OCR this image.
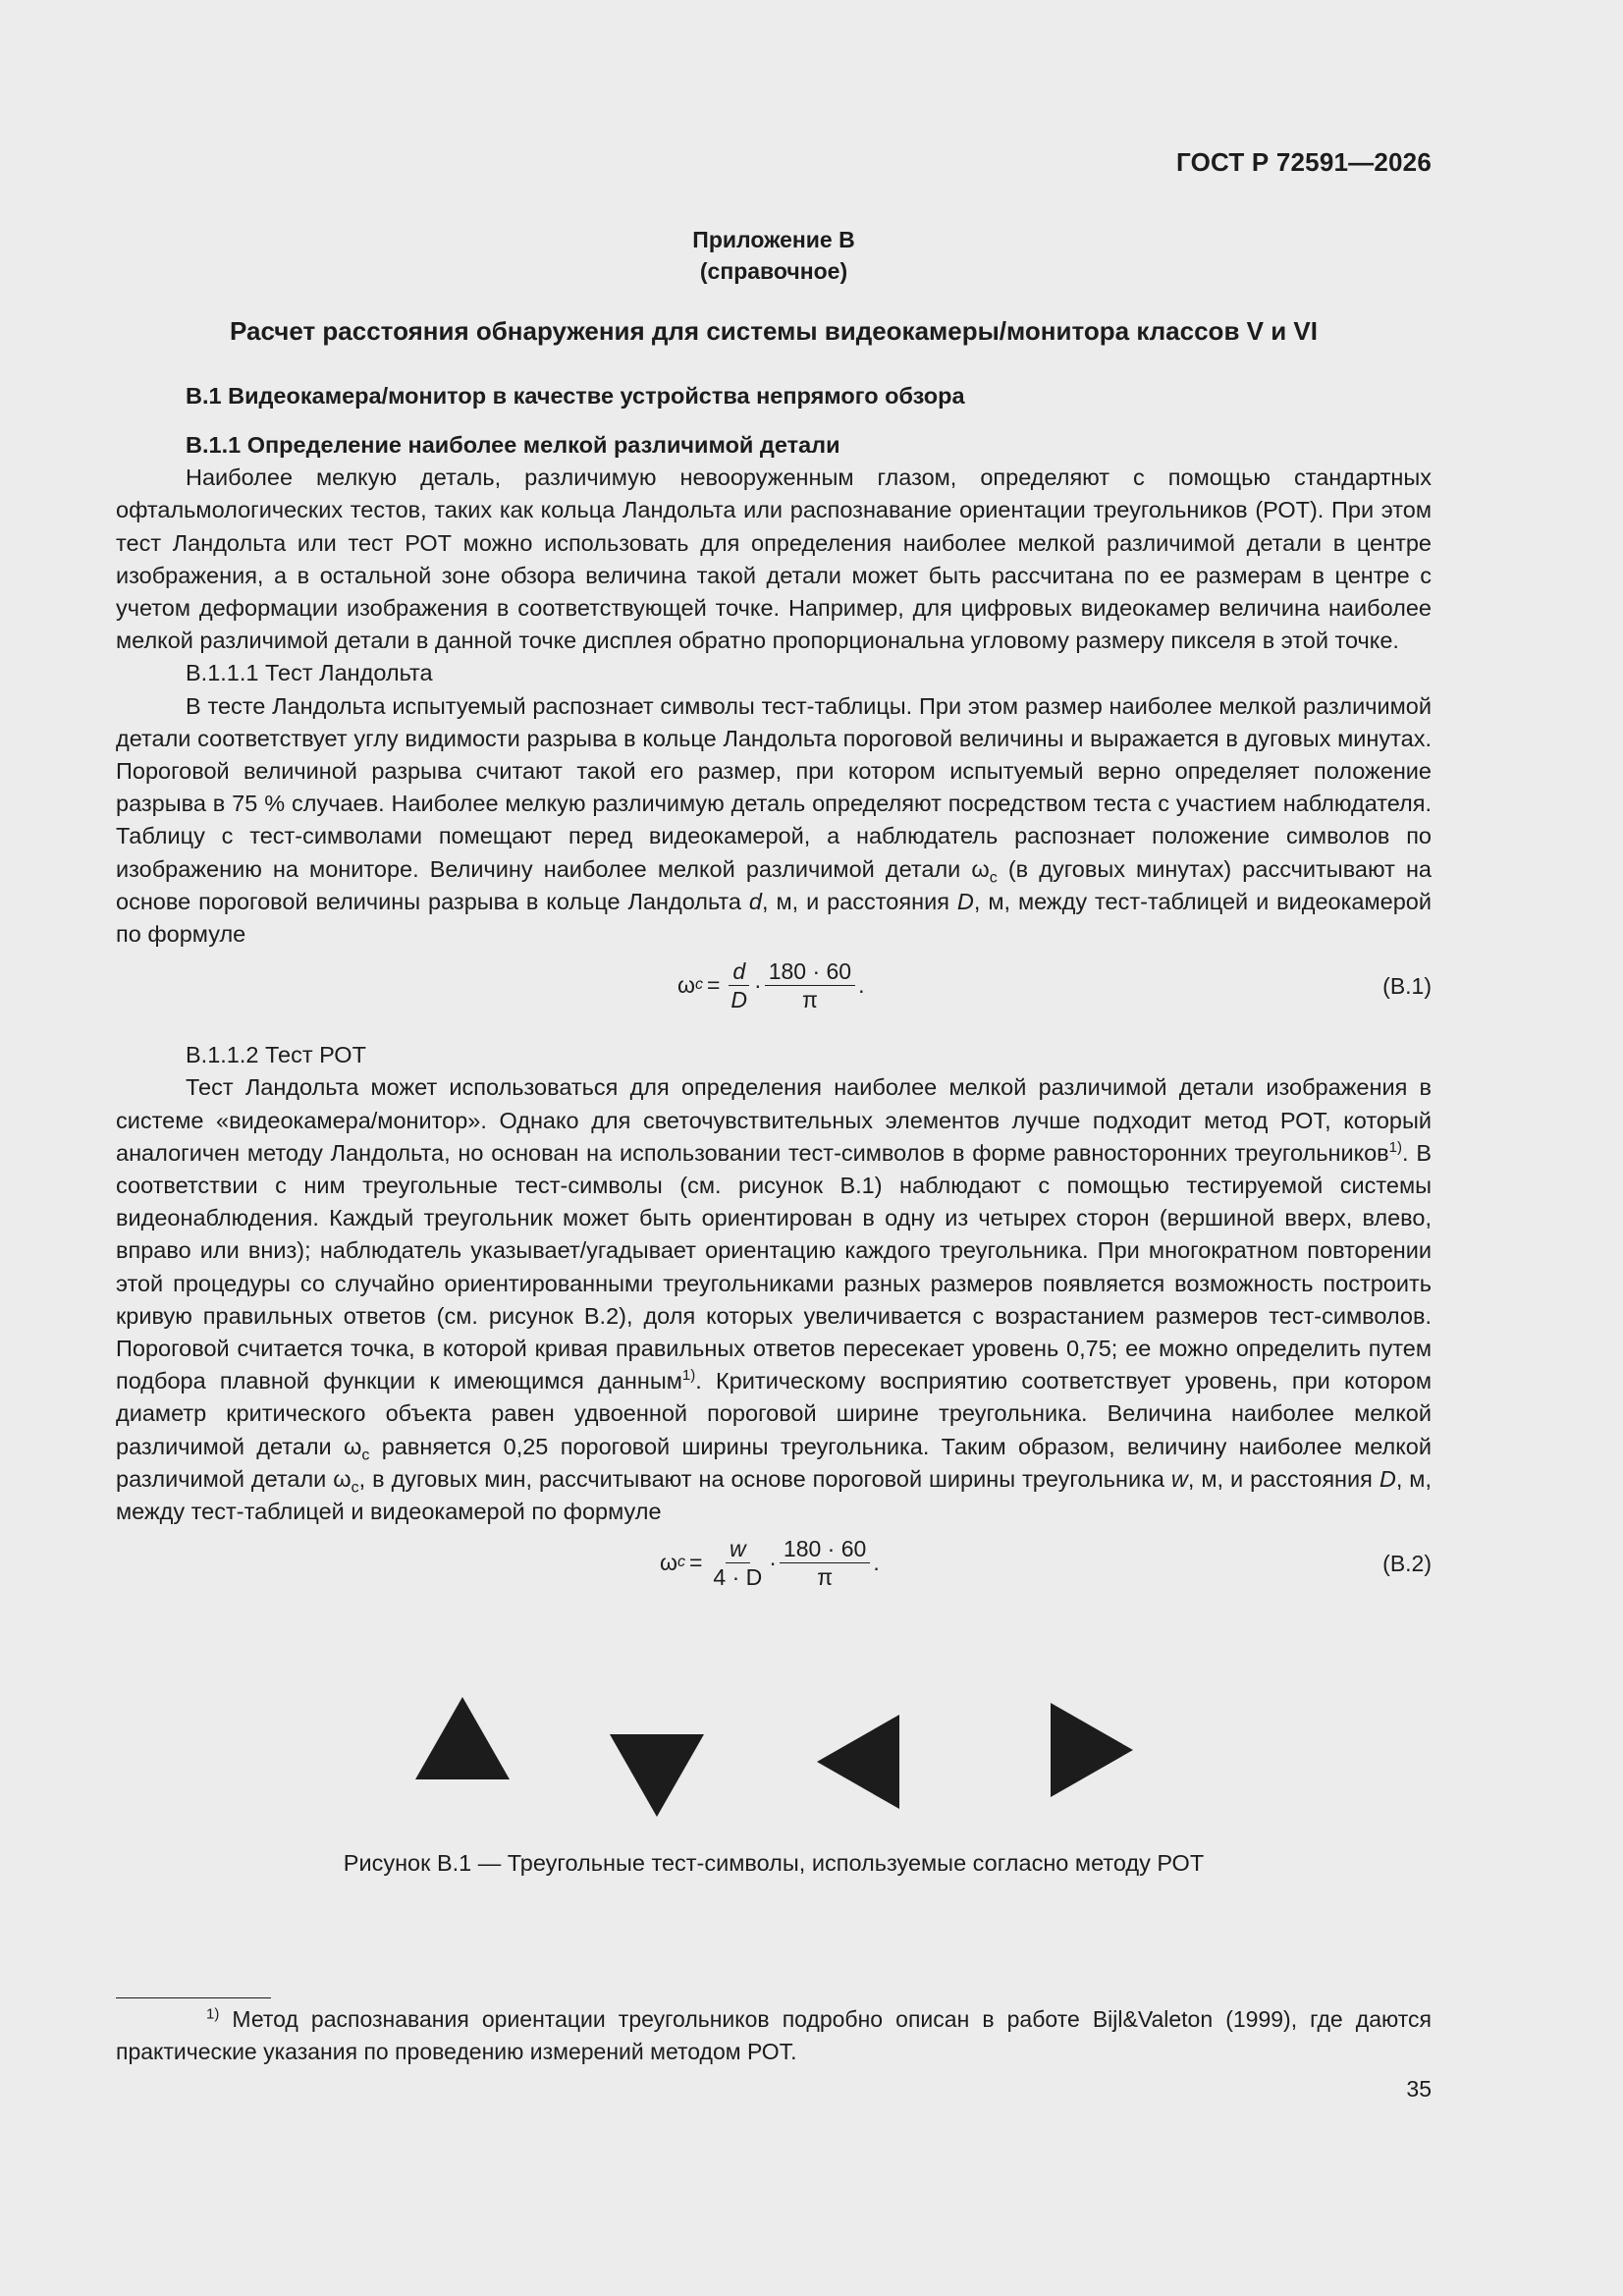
ГОСТ Р 72591—2026
Приложение В
(справочное)
Расчет расстояния обнаружения для системы видеокамеры/монитора классов V и VI
В.1 Видеокамера/монитор в качестве устройства непрямого обзора
В.1.1 Определение наиболее мелкой различимой детали

Наиболее мелкую деталь, различимую невооруженным глазом, определяют с помощью стандартных офтальмологических тестов, таких как кольца Ландольта или распознавание ориентации треугольников (РОТ). При этом тест Ландольта или тест РОТ можно использовать для определения наиболее мелкой различимой детали в центре изображения, а в остальной зоне обзора величина такой детали может быть рассчитана по ее размерам в центре с учетом деформации изображения в соответствующей точке. Например, для цифровых видеокамер величина наиболее мелкой различимой детали в данной точке дисплея обратно пропорциональна угловому размеру пикселя в этой точке.

В.1.1.1 Тест Ландольта

В тесте Ландольта испытуемый распознает символы тест-таблицы. При этом размер наиболее мелкой различимой детали соответствует углу видимости разрыва в кольце Ландольта пороговой величины и выражается в дуговых минутах. Пороговой величиной разрыва считают такой его размер, при котором испытуемый верно определяет положение разрыва в 75 % случаев. Наиболее мелкую различимую деталь определяют посредством теста с участием наблюдателя. Таблицу с тест-символами помещают перед видеокамерой, а наблюдатель распознает положение символов по изображению на мониторе. Величину наиболее мелкой различимой детали $\omega_c$ (в дуговых минутах) рассчитывают на основе пороговой величины разрыва в кольце Ландольта d, м, и расстояния D, м, между тест-таблицей и видеокамерой по формуле

ω $c = \frac{d}{D} \cdot \frac{180 \cdot 60}{\pi}$ .	(В.1)
В.1.1.2 Тест РОТ

Тест Ландольта может использоваться для определения наиболее мелкой различимой детали изображения в системе «видеокамера/монитор». Однако для светочувствительных элементов лучше подходит метод РОТ, который аналогичен методу Ландольта, но основан на использовании тест-символов в форме равносторонних треугольников$^{1)}$. В соответствии с ним треугольные тест-символы (см. рисунок В.1) наблюдают с помощью тестируемой системы видеонаблюдения. Каждый треугольник может быть ориентирован в одну из четырех сторон (вершиной вверх, влево, вправо или вниз); наблюдатель указывает/угадывает ориентацию каждого треугольника. При многократном повторении этой процедуры со случайно ориентированными треугольниками разных размеров появляется возможность построить кривую правильных ответов (см. рисунок В.2), доля которых увеличивается с возрастанием размеров тест-символов. Пороговой считается точка, в которой кривая правильных ответов пересекает уровень 0,75; ее можно определить путем подбора плавной функции к имеющимся данным$^{1)}$. Критическому восприятию соответствует уровень, при котором диаметр критического объекта равен удвоенной пороговой ширине треугольника. Величина наиболее мелкой различимой детали $\omega_c$ равняется 0,25 пороговой ширины треугольника. Таким образом, величину наиболее мелкой различимой детали $\omega_c$, в дуговых мин, рассчитывают на основе пороговой ширины треугольника w, м, и расстояния D, м, между тест-таблицей и видеокамерой по формуле

ω $c = \frac{w}{4 \cdot D} \cdot \frac{180 \cdot 60}{\pi}$ .	(В.2)
Рисунок В.1 — Треугольные тест-символы, используемые согласно методу РОТ
$^{1)}$ Метод распознавания ориентации треугольников подробно описан в работе Bijl&Valeton (1999), где даются практические указания по проведению измерений методом РОТ.
35
